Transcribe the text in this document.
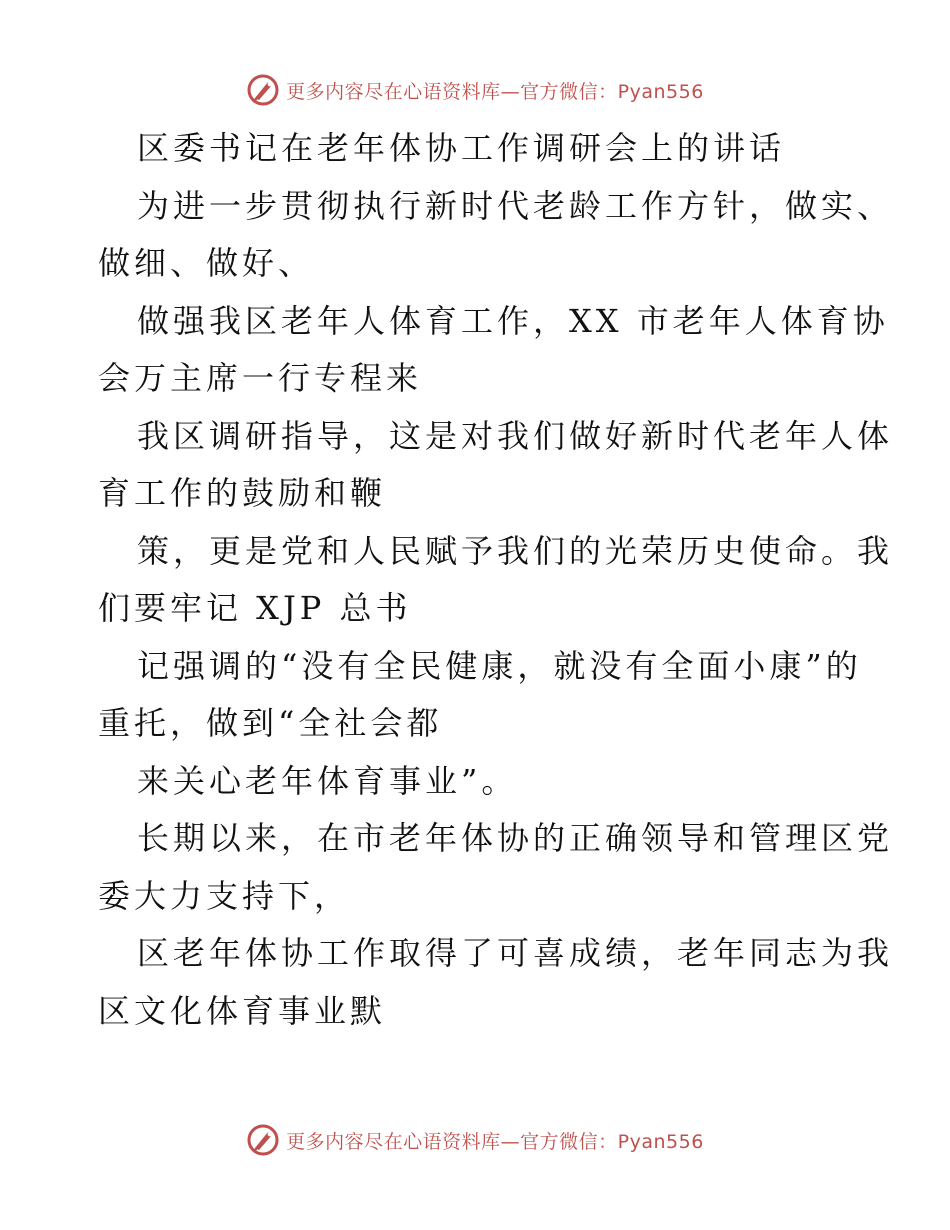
更多内容尽在心语资料库—官方微信：Pyan556
区委书记在老年体协工作调研会上的讲话
为进一步贯彻执行新时代老龄工作方针，做实、
做细、做好、
做强我区老年人体育工作，XX 市老年人体育协
会万主席一行专程来
我区调研指导，这是对我们做好新时代老年人体
育工作的鼓励和鞭
策，更是党和人民赋予我们的光荣历史使命。我
们要牢记 XJP 总书
记强调的“没有全民健康，就没有全面小康”的
重托，做到“全社会都
来关心老年体育事业”。
长期以来，在市老年体协的正确领导和管理区党
委大力支持下，
区老年体协工作取得了可喜成绩，老年同志为我
区文化体育事业默
更多内容尽在心语资料库—官方微信：Pyan556
